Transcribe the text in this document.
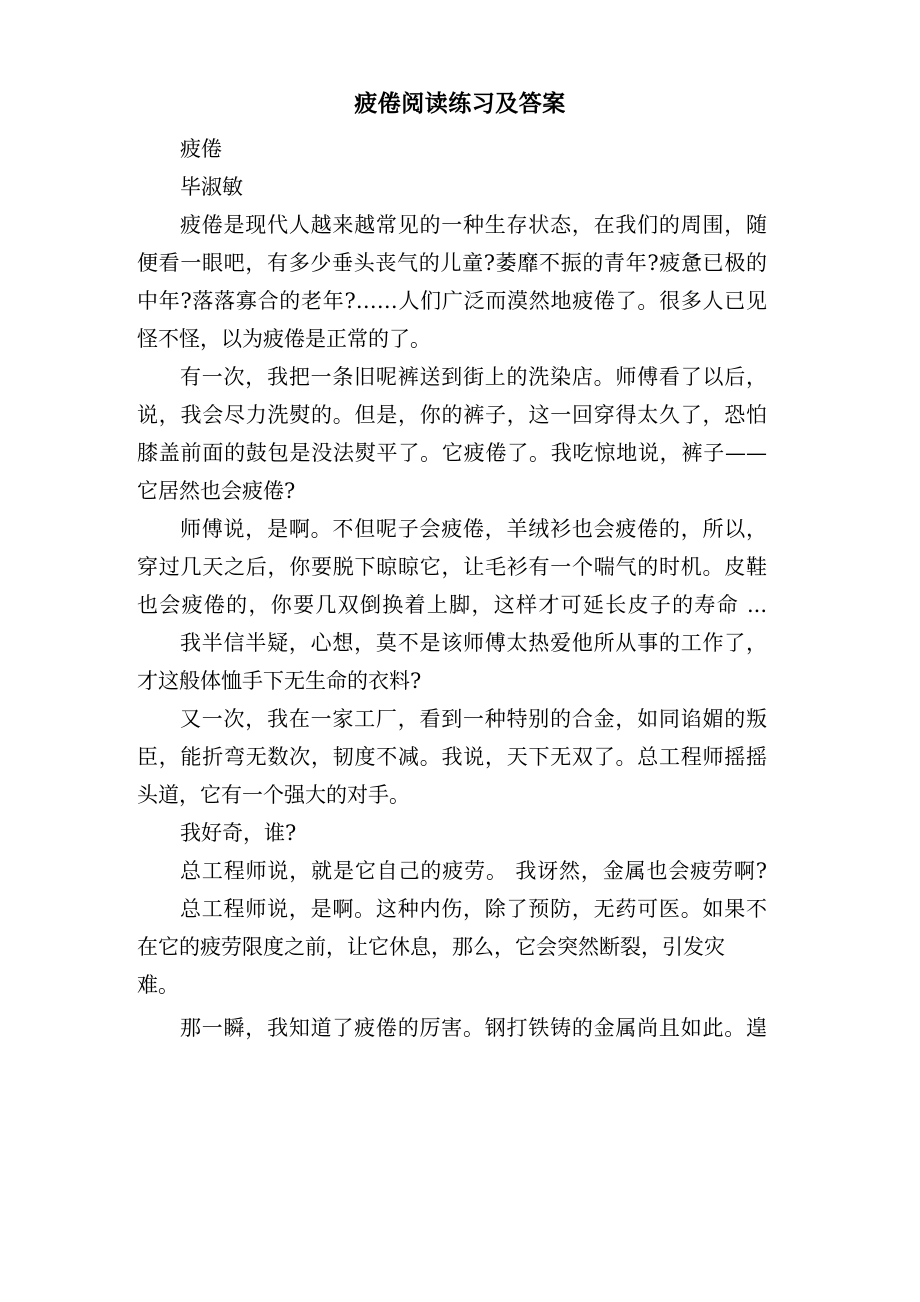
疲倦阅读练习及答案
疲倦
毕淑敏
疲倦是现代人越来越常见的一种生存状态，在我们的周围，随
便看一眼吧，有多少垂头丧气的儿童?萎靡不振的青年?疲惫已极的
中年?落落寡合的老年?……人们广泛而漠然地疲倦了。很多人已见
怪不怪，以为疲倦是正常的了。
有一次，我把一条旧呢裤送到街上的洗染店。师傅看了以后，
说，我会尽力洗熨的。但是，你的裤子，这一回穿得太久了，恐怕
膝盖前面的鼓包是没法熨平了。它疲倦了。我吃惊地说，裤子——
它居然也会疲倦?
师傅说，是啊。不但呢子会疲倦，羊绒衫也会疲倦的，所以，
穿过几天之后，你要脱下晾晾它，让毛衫有一个喘气的时机。皮鞋
也会疲倦的，你要几双倒换着上脚，这样才可延长皮子的寿命 ...
我半信半疑，心想，莫不是该师傅太热爱他所从事的工作了，
才这般体恤手下无生命的衣料?
又一次，我在一家工厂，看到一种特别的合金，如同谄媚的叛
臣，能折弯无数次，韧度不减。我说，天下无双了。总工程师摇摇
头道，它有一个强大的对手。
我好奇，谁?
总工程师说，就是它自己的疲劳。 我讶然，金属也会疲劳啊?
总工程师说，是啊。这种内伤，除了预防，无药可医。如果不
在它的疲劳限度之前，让它休息，那么，它会突然断裂，引发灾
难。
那一瞬，我知道了疲倦的厉害。钢打铁铸的金属尚且如此。遑
